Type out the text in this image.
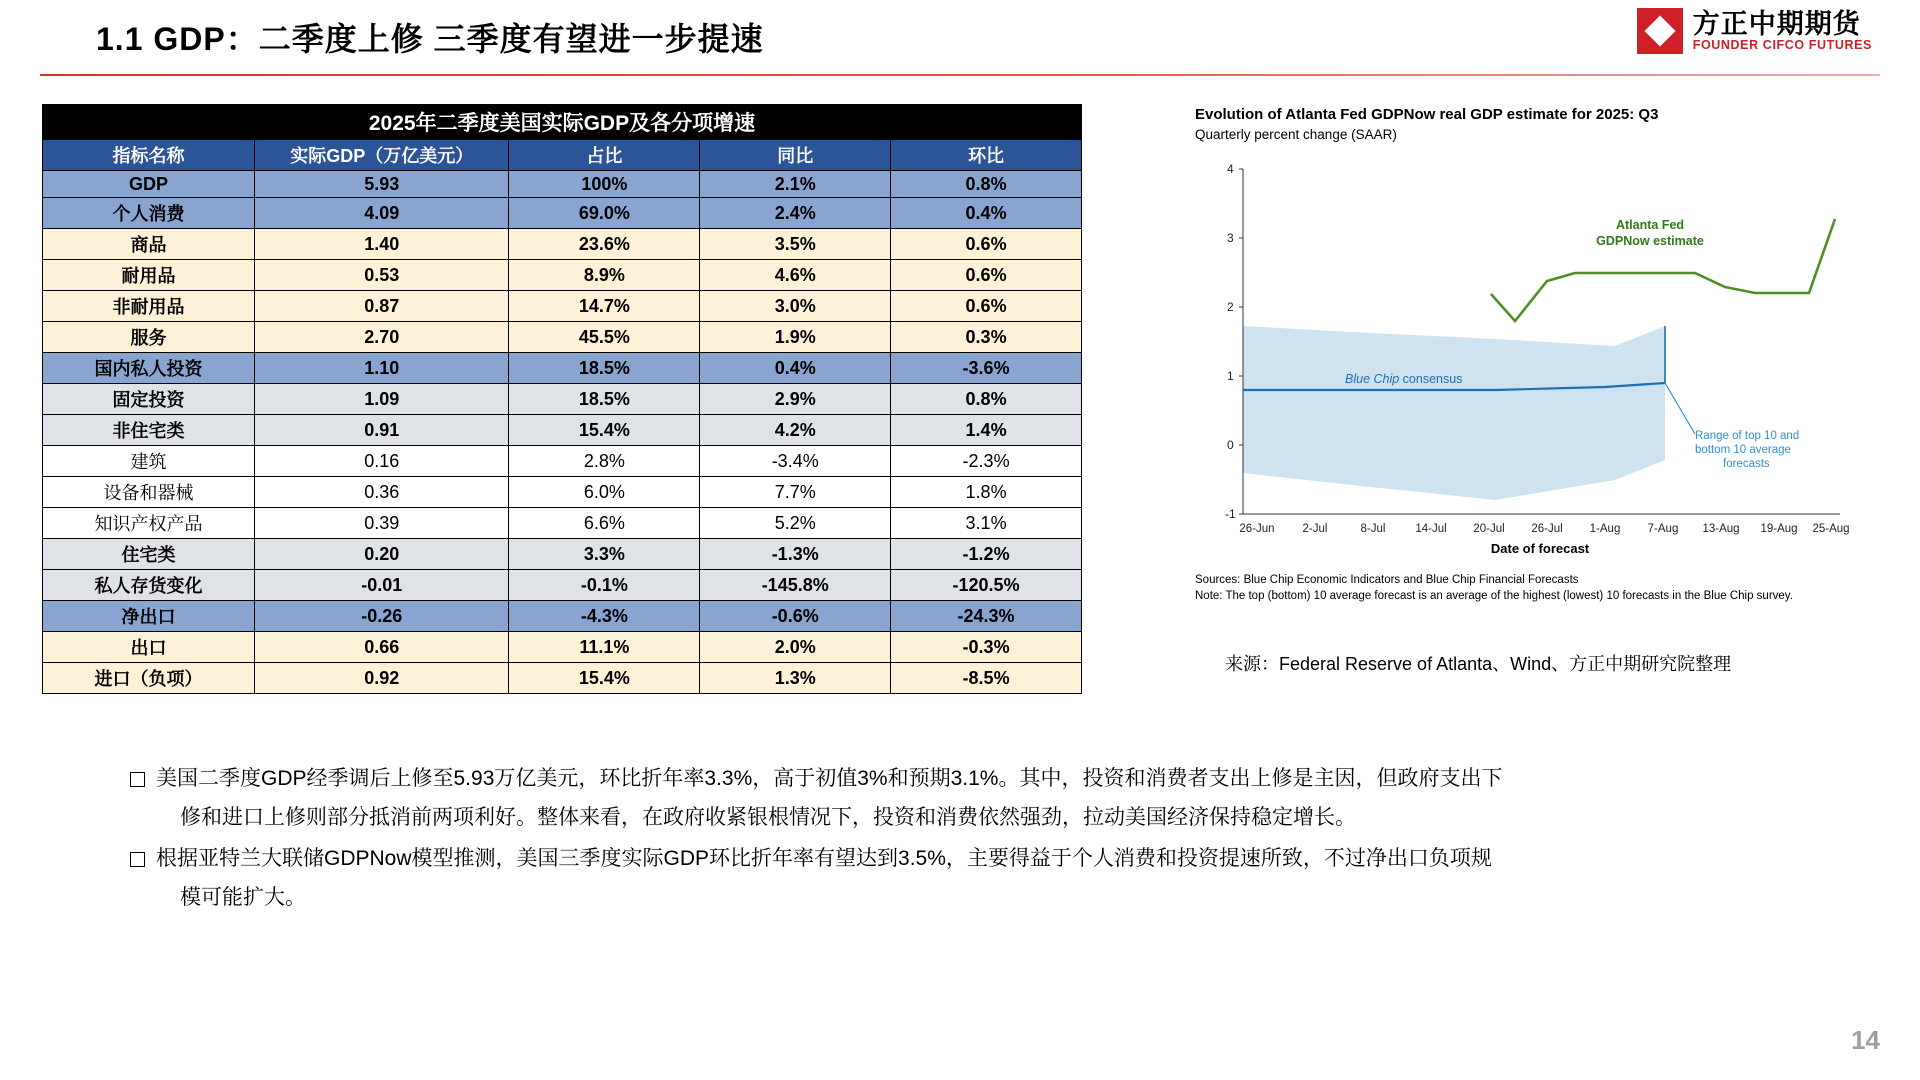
1.1 GDP：二季度上修 三季度有望进一步提速	方正中期期货
FOUNDER CIFCO FUTURES
2025年二季度美国实际GDP及各分项增速				
指标名称	实际GDP（万亿美元）	占比	同比	环比
GDP	5.93	100%	2.1%	0.8%
个人消费	4.09	69.0%	2.4%	0.4%
商品	1.40	23.6%	3.5%	0.6%
耐用品	0.53	8.9%	4.6%	0.6%
非耐用品	0.87	14.7%	3.0%	0.6%
服务	2.70	45.5%	1.9%	0.3%
国内私人投资	1.10	18.5%	0.4%	-3.6%
固定投资	1.09	18.5%	2.9%	0.8%
非住宅类	0.91	15.4%	4.2%	1.4%
建筑	0.16	2.8%	-3.4%	-2.3%
设备和器械	0.36	6.0%	7.7%	1.8%
知识产权产品	0.39	6.6%	5.2%	3.1%
住宅类	0.20	3.3%	-1.3%	-1.2%
私人存货变化	-0.01	-0.1%	-145.8%	-120.5%
净出口	-0.26	-4.3%	-0.6%	-24.3%
出口	0.66	11.1%	2.0%	-0.3%
进口（负项）	0.92	15.4%	1.3%	-8.5%
Evolution of Atlanta Fed GDPNow real GDP estimate for 2025: Q3
Quarterly percent change (SAAR)
4
3
2
1
0
-1
26-Jun 2-Jul	8-Jul	14-Jul 20-Jul 26-Jul 1-Aug 7-Aug 13-Aug 19-Aug 25-Aug
Date of forecast
Atlanta Fed
GDPNow estimate
Blue Chip consensus
Range of top 10 and
bottom 10 average
forecasts
Sources: Blue Chip Economic Indicators and Blue Chip Financial Forecasts
Note: The top (bottom) 10 average forecast is an average of the highest (lowest) 10 forecasts in the Blue Chip survey.
来源：Federal Reserve of Atlanta、Wind、方正中期研究院整理
美国二季度GDP经季调后上修至5.93万亿美元，环比折年率3.3%，高于初值3%和预期3.1%。其中，投资和消费者支出上修是主因，但政府支出下
修和进口上修则部分抵消前两项利好。整体来看，在政府收紧银根情况下，投资和消费依然强劲，拉动美国经济保持稳定增长。
根据亚特兰大联储GDPNow模型推测，美国三季度实际GDP环比折年率有望达到3.5%，主要得益于个人消费和投资提速所致，不过净出口负项规
模可能扩大。
14
